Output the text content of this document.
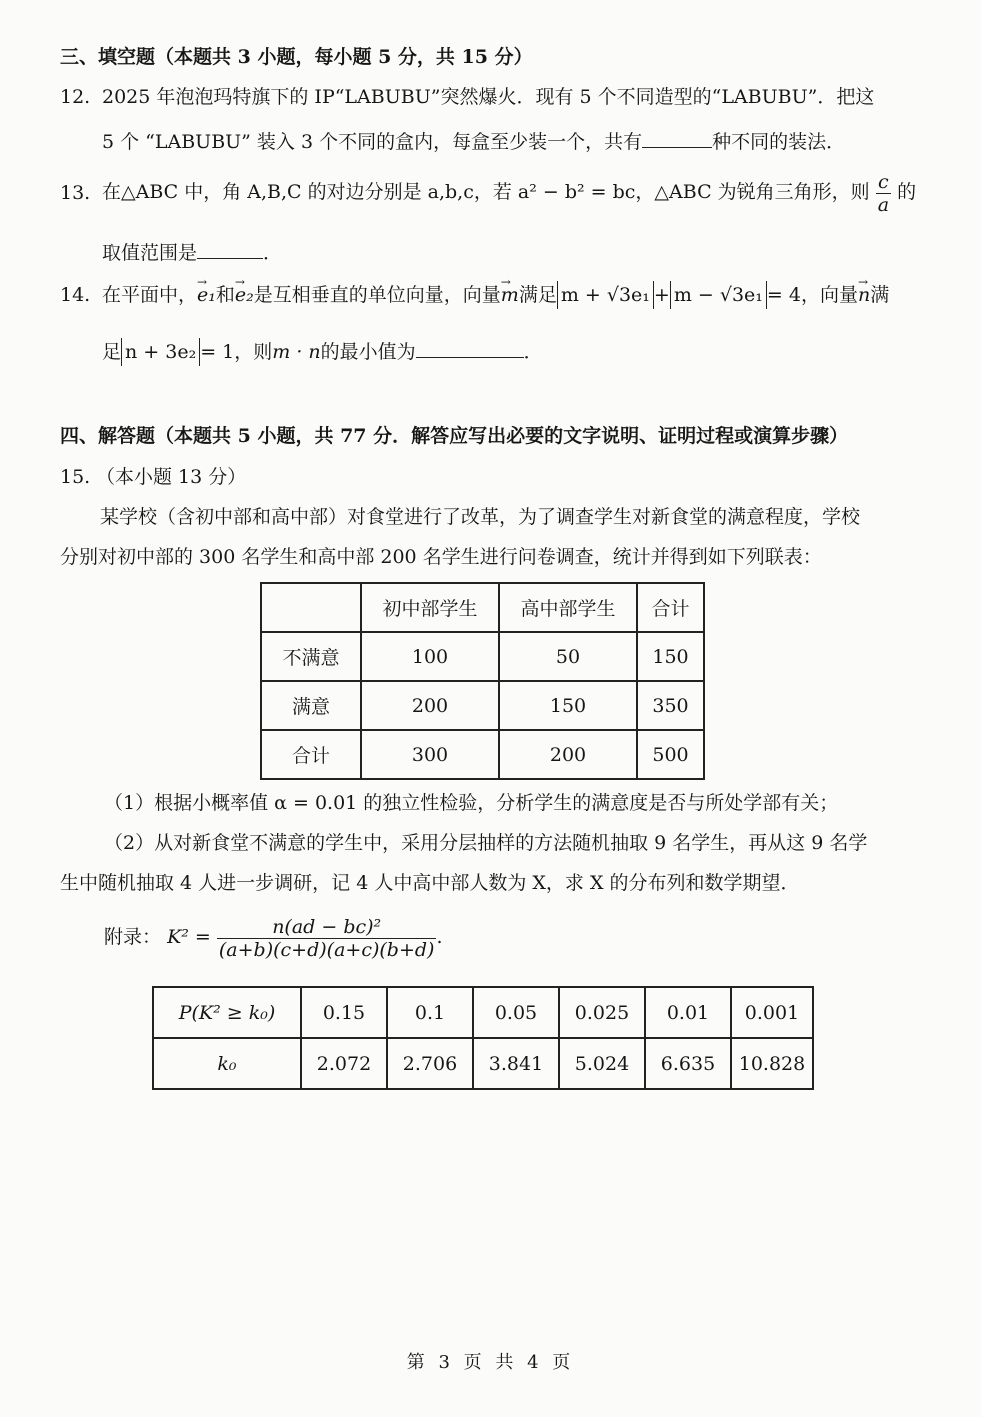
三、填空题（本题共 3 小题，每小题 5 分，共 15 分）
12. 2025 年泡泡玛特旗下的 IP“LABUBU”突然爆火．现有 5 个不同造型的“LABUBU”．把这
5 个 “LABUBU” 装入 3 个不同的盒内，每盒至少装一个，共有	种不同的装法．
13. 在△ABC 中，角 A,B,C 的对边分别是 a,b,c，若 a² − b² = bc，△ABC 为锐角三角形，则 $\frac{c}{a}$ 的
取值范围是	．
14. 在平面中，→ e₁和→ e₂是互相垂直的单位向量，向量→ m满足 m + √3e₁ + m − √3e₁ = 4，向量→ n满
足 n + 3e₂ = 1，则m · n的最小值为	．
四、解答题（本题共 5 小题，共 77 分．解答应写出必要的文字说明、证明过程或演算步骤）
15. （本小题 13 分）
某学校（含初中部和高中部）对食堂进行了改革，为了调查学生对新食堂的满意程度，学校
分别对初中部的 300 名学生和高中部 200 名学生进行问卷调查，统计并得到如下列联表：
	初中部学生	高中部学生	合计
不满意	100	50	150
满意	200	150	350
合计	300	200	500
（1）根据小概率值 α = 0.01 的独立性检验，分析学生的满意度是否与所处学部有关；
（2）从对新食堂不满意的学生中，采用分层抽样的方法随机抽取 9 名学生，再从这 9 名学
生中随机抽取 4 人进一步调研，记 4 人中高中部人数为 X，求 X 的分布列和数学期望．
附录： $K^2 = \frac{\text{n(ad − bc)²}}{(a+b)(c+d)(a+c)(b+d)}$ .
P(K² ≥ k₀)	0.15	0.1	0.05	0.025	0.01	0.001
k₀	2.072	2.706	3.841	5.024	6.635	10.828
第 3 页 共 4 页
